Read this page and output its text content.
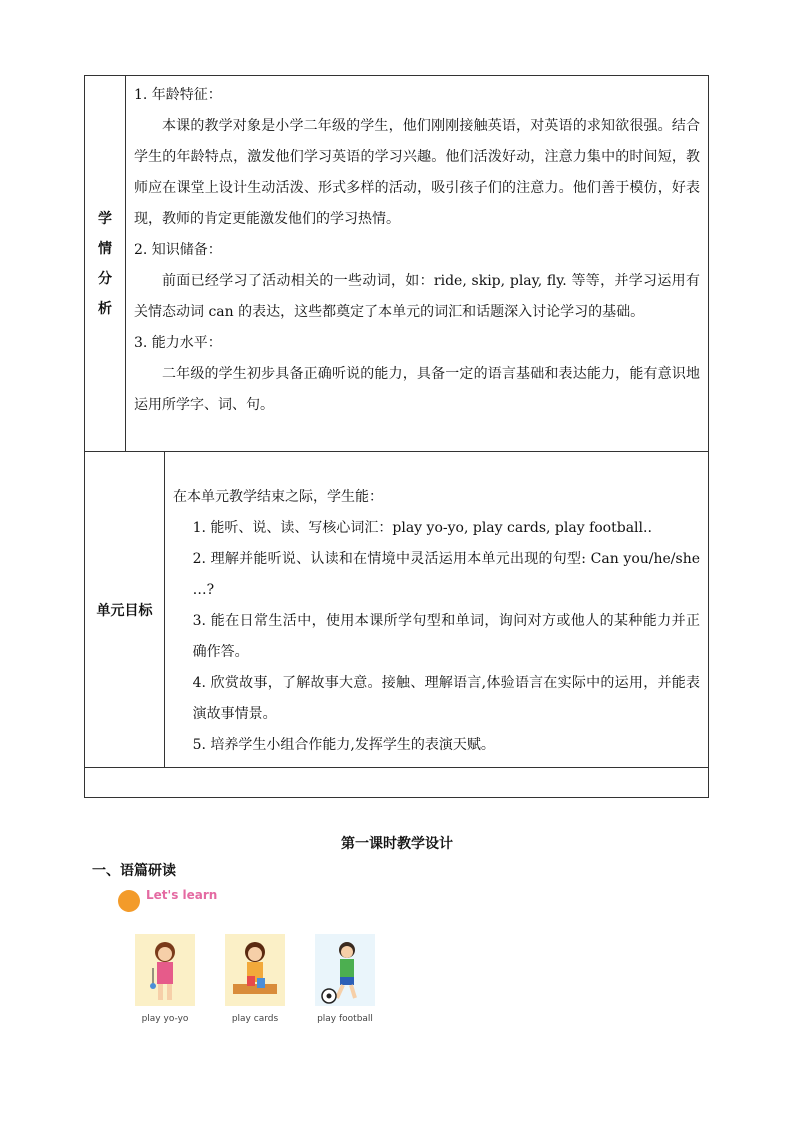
学
情
分
析

1. 年龄特征：

本课的教学对象是小学二年级的学生，他们刚刚接触英语，对英语的求知欲很强。结合学生的年龄特点，激发他们学习英语的学习兴趣。他们活泼好动，注意力集中的时间短，教师应在课堂上设计生动活泼、形式多样的活动，吸引孩子们的注意力。他们善于模仿，好表现，教师的肯定更能激发他们的学习热情。

2. 知识储备：

前面已经学习了活动相关的一些动词，如：ride, skip, play, fly. 等等，并学习运用有关情态动词 can 的表达，这些都奠定了本单元的词汇和话题深入讨论学习的基础。

3. 能力水平：

二年级的学生初步具备正确听说的能力，具备一定的语言基础和表达能力，能有意识地运用所学字、词、句。

单元目标

在本单元教学结束之际，学生能：

1. 能听、说、读、写核心词汇：play yo-yo, play cards, play football..

2. 理解并能听说、认读和在情境中灵活运用本单元出现的句型: Can you/he/she …?

3. 能在日常生活中，使用本课所学句型和单词，询问对方或他人的某种能力并正确作答。

4. 欣赏故事，了解故事大意。接触、理解语言,体验语言在实际中的运用，并能表演故事情景。

5. 培养学生小组合作能力,发挥学生的表演天赋。

第一课时教学设计
一、语篇研读
Let's learn
play yo-yo	play cards	play football
